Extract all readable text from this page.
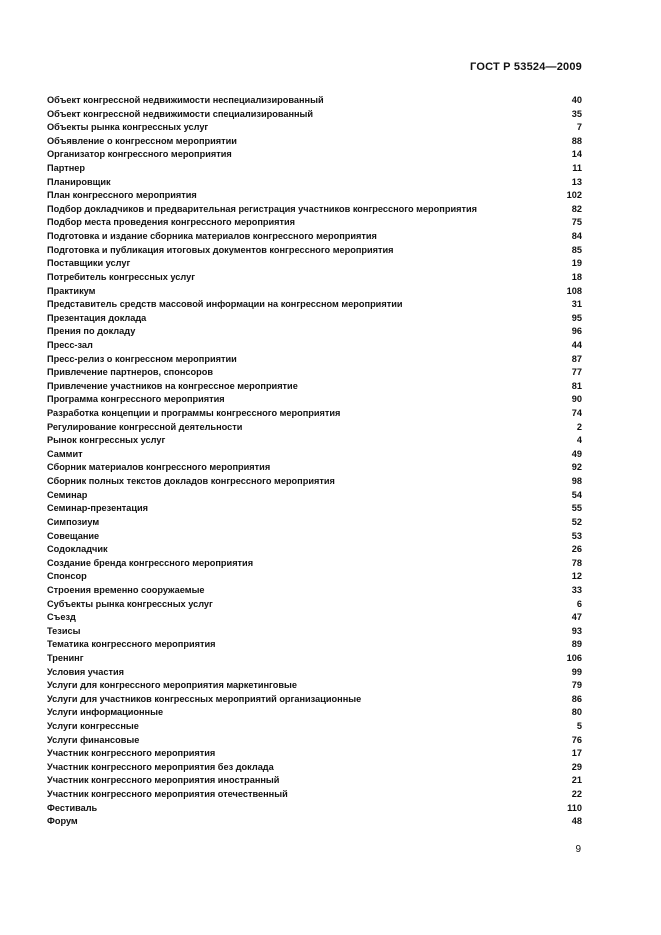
ГОСТ Р 53524—2009
Объект конгрессной недвижимости неспециализированный	40
Объект конгрессной недвижимости специализированный	35
Объекты рынка конгрессных услуг	7
Объявление о конгрессном мероприятии	88
Организатор конгрессного мероприятия	14
Партнер	11
Планировщик	13
План конгрессного мероприятия	102
Подбор докладчиков и предварительная регистрация участников конгрессного мероприятия	82
Подбор места проведения конгрессного мероприятия	75
Подготовка и издание сборника материалов конгрессного мероприятия	84
Подготовка и публикация итоговых документов конгрессного мероприятия	85
Поставщики услуг	19
Потребитель конгрессных услуг	18
Практикум	108
Представитель средств массовой информации на конгрессном мероприятии	31
Презентация доклада	95
Прения по докладу	96
Пресс-зал	44
Пресс-релиз о конгрессном мероприятии	87
Привлечение партнеров, спонсоров	77
Привлечение участников на конгрессное мероприятие	81
Программа конгрессного мероприятия	90
Разработка концепции и программы конгрессного мероприятия	74
Регулирование конгрессной деятельности	2
Рынок конгрессных услуг	4
Саммит	49
Сборник материалов конгрессного мероприятия	92
Сборник полных текстов докладов конгрессного мероприятия	98
Семинар	54
Семинар-презентация	55
Симпозиум	52
Совещание	53
Содокладчик	26
Создание бренда конгрессного мероприятия	78
Спонсор	12
Строения временно сооружаемые	33
Субъекты рынка конгрессных услуг	6
Съезд	47
Тезисы	93
Тематика конгрессного мероприятия	89
Тренинг	106
Условия участия	99
Услуги для конгрессного мероприятия маркетинговые	79
Услуги для участников конгрессных мероприятий организационные	86
Услуги информационные	80
Услуги конгрессные	5
Услуги финансовые	76
Участник конгрессного мероприятия	17
Участник конгрессного мероприятия без доклада	29
Участник конгрессного мероприятия иностранный	21
Участник конгрессного мероприятия отечественный	22
Фестиваль	110
Форум	48
9
